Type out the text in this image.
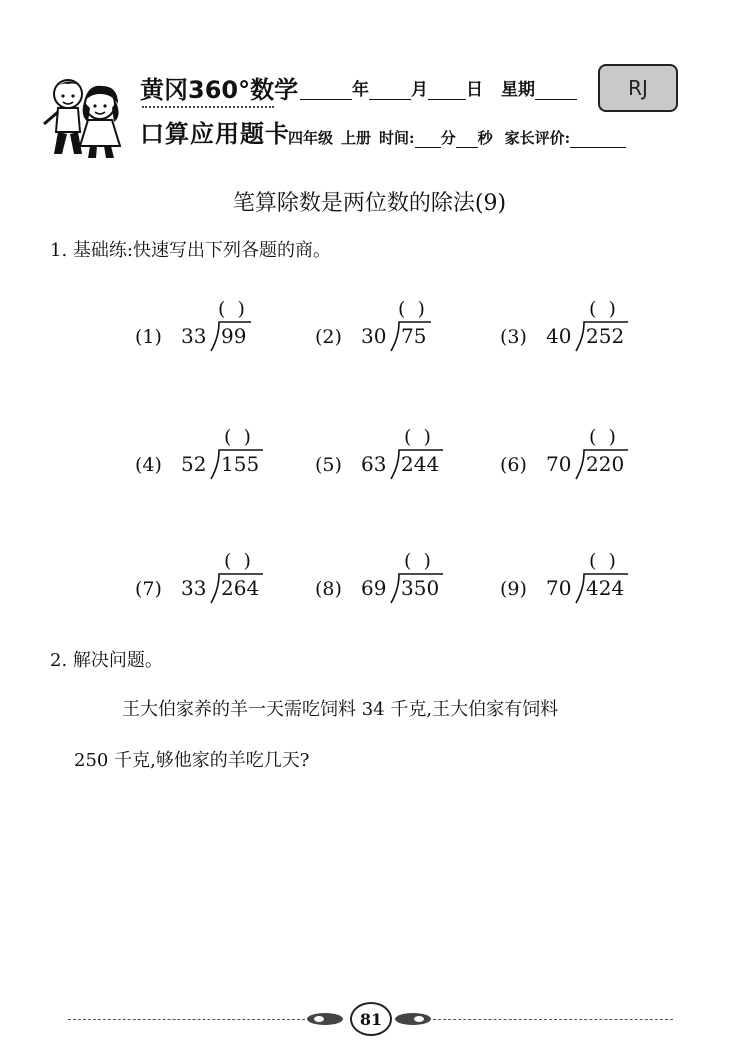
黄冈360°数学
口算应用题卡
年 月 日 星期	RJ
四年级 上册 时间: 分 秒 家长评价:
笔算除数是两位数的除法(9)
1. 基础练:快速写出下列各题的商。
(1) 33 99
(  )
(2) 30 75
(  )
(3) 40 252
(  )
(4) 52 155
(  )
(5) 63 244
(  )
(6) 70 220
(  )
(7) 33 264
(  )
(8) 69 350
(  )
(9) 70 424
(  )
2. 解决问题。
王大伯家养的羊一天需吃饲料 34 千克,王大伯家有饲料
250 千克,够他家的羊吃几天?
81
